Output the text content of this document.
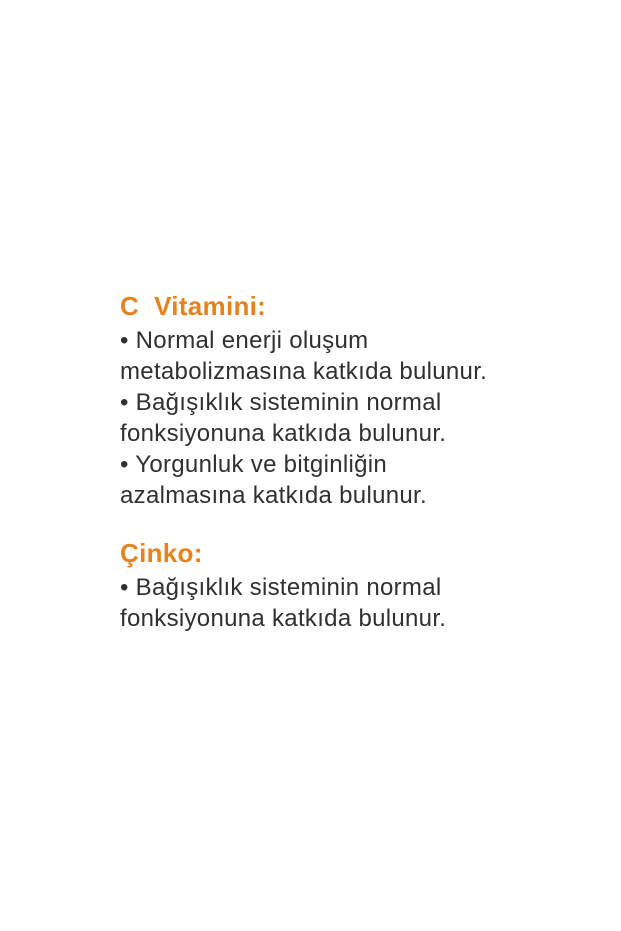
C  Vitamini:
• Normal enerji oluşum
metabolizmasına katkıda bulunur.
• Bağışıklık sisteminin normal
fonksiyonuna katkıda bulunur.
• Yorgunluk ve bitginliğin
azalmasına katkıda bulunur.
Çinko:
• Bağışıklık sisteminin normal
fonksiyonuna katkıda bulunur.
